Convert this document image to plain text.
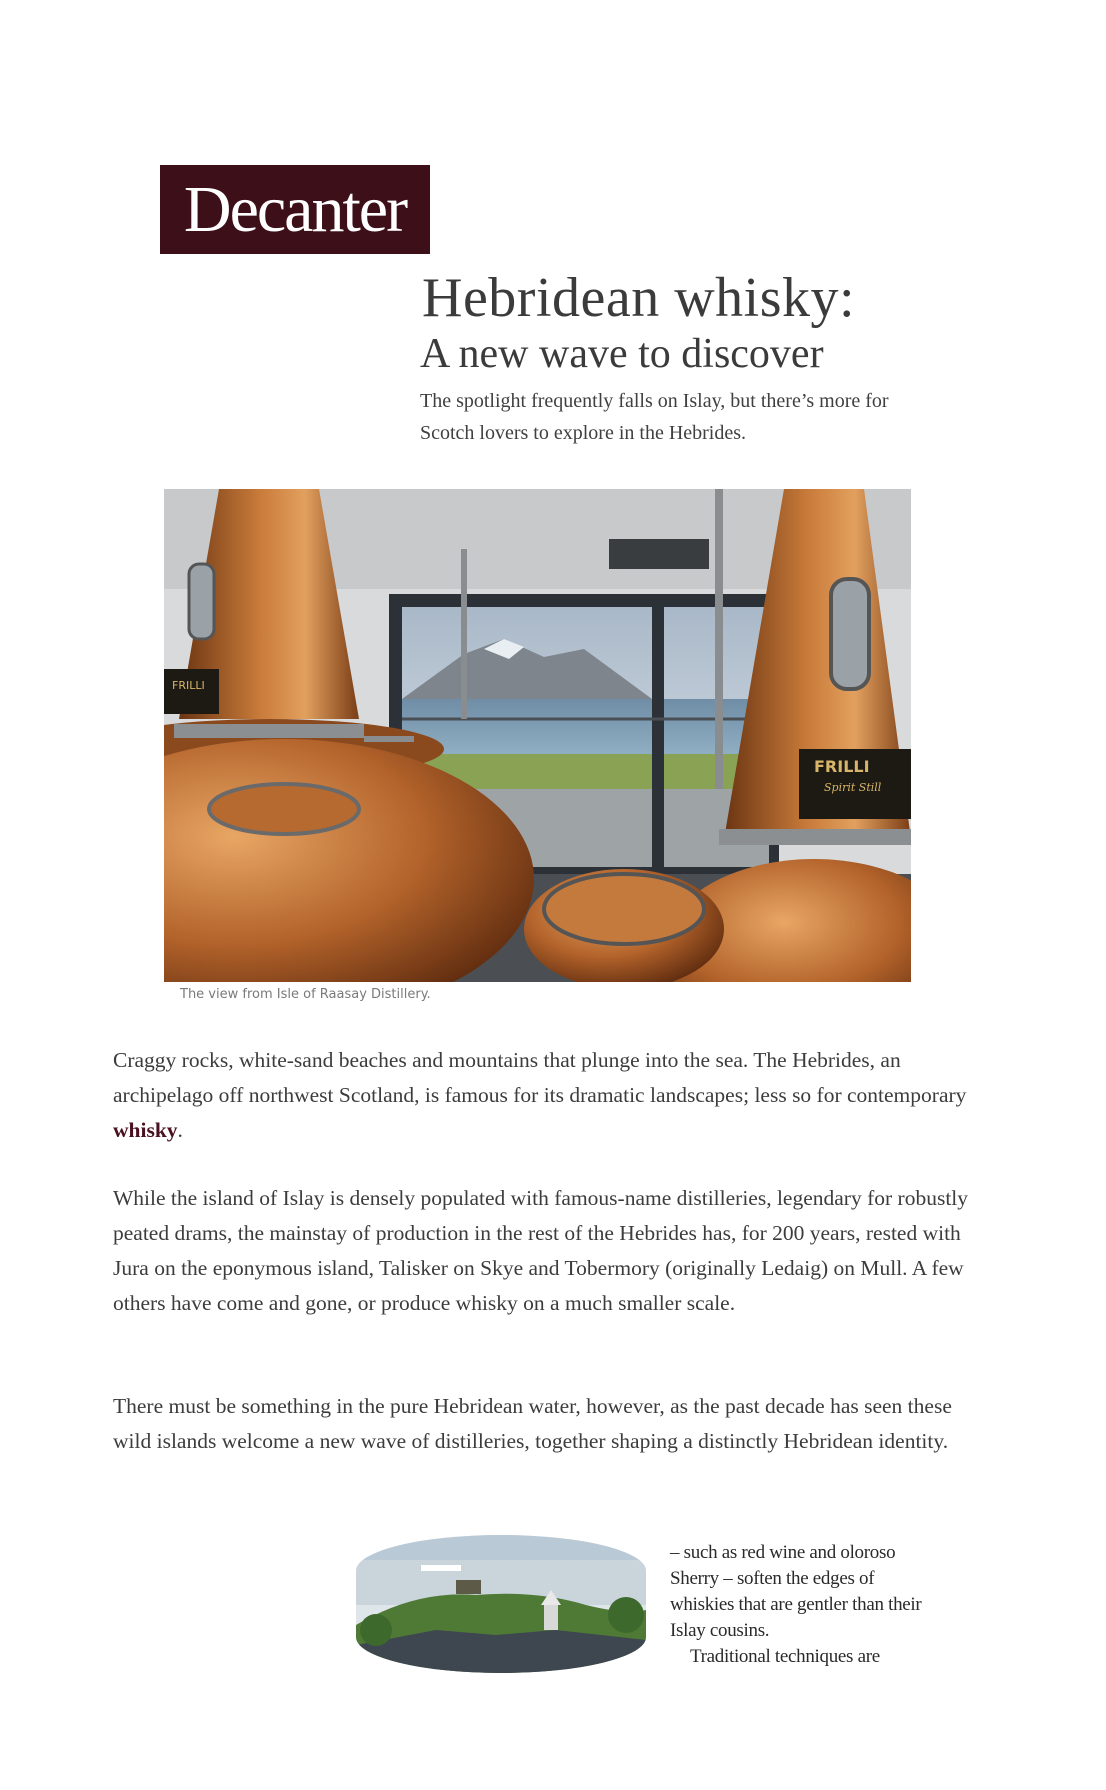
Decanter
Hebridean whisky:
A new wave to discover

The spotlight frequently falls on Islay, but there’s more for Scotch lovers to explore in the Hebrides.

FRILLI
FRILLI
Spirit Still
The view from Isle of Raasay Distillery.

Craggy rocks, white-sand beaches and mountains that plunge into the sea. The Hebrides, an archipelago off northwest Scotland, is famous for its dramatic landscapes; less so for contemporary whisky.

While the island of Islay is densely populated with famous-name distilleries, legendary for robustly peated drams, the mainstay of production in the rest of the Hebrides has, for 200 years, rested with Jura on the eponymous island, Talisker on Skye and Tobermory (originally Ledaig) on Mull. A few others have come and gone, or produce whisky on a much smaller scale.

There must be something in the pure Hebridean water, however, as the past decade has seen these wild islands welcome a new wave of distilleries, together shaping a distinctly Hebridean identity.

– such as red wine and oloroso Sherry – soften the edges of whiskies that are gentler than their Islay cousins.
Traditional techniques are
